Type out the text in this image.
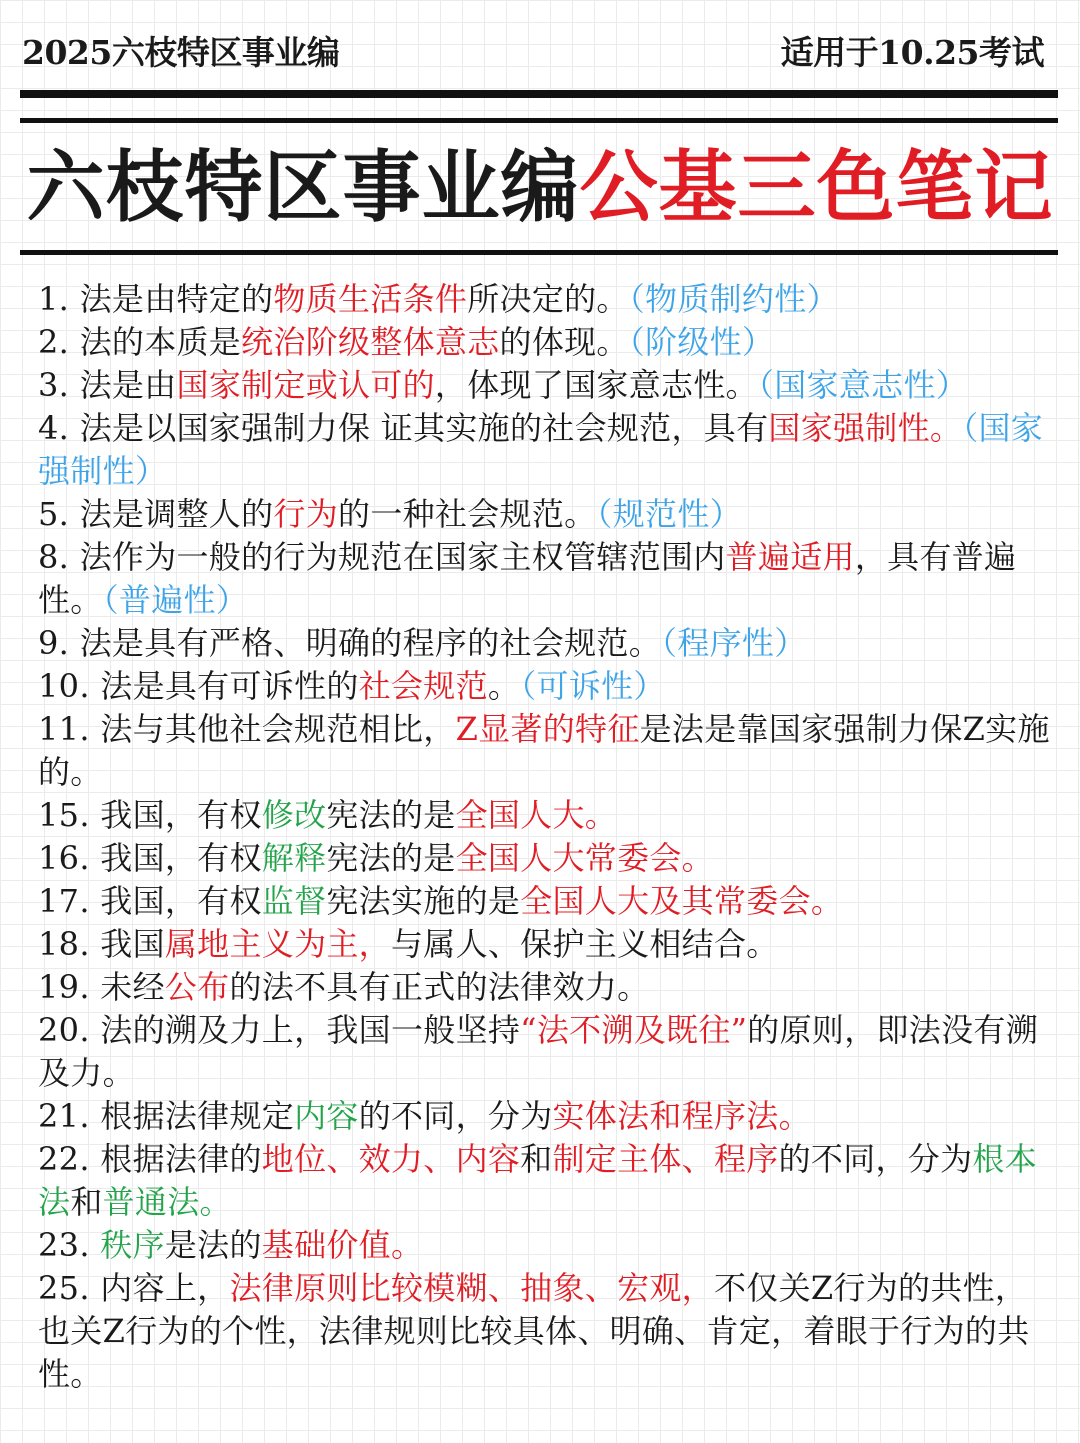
2025六枝特区事业编	适用于10.25考试
六枝特区事业编公基三色笔记

1. 法是由特定的物质生活条件所决定的。（物质制约性）

2. 法的本质是统治阶级整体意志的体现。（阶级性）

3. 法是由国家制定或认可的，体现了国家意志性。（国家意志性）

4. 法是以国家强制力保 证其实施的社会规范，具有国家强制性。（国家强制性）

5. 法是调整人的行为的一种社会规范。（规范性）

8. 法作为一般的行为规范在国家主权管辖范围内普遍适用，具有普遍性。（普遍性）

9. 法是具有严格、明确的程序的社会规范。（程序性）

10. 法是具有可诉性的社会规范。（可诉性）

11. 法与其他社会规范相比，Z显著的特征是法是靠国家强制力保Z实施的。

15. 我国，有权修改宪法的是全国人大。

16. 我国，有权解释宪法的是全国人大常委会。

17. 我国，有权监督宪法实施的是全国人大及其常委会。

18. 我国属地主义为主，与属人、保护主义相结合。

19. 未经公布的法不具有正式的法律效力。

20. 法的溯及力上，我国一般坚持“法不溯及既往”的原则，即法没有溯及力。

21. 根据法律规定内容的不同，分为实体法和程序法。

22. 根据法律的地位、效力、内容和制定主体、程序的不同，分为根本法和普通法。

23. 秩序是法的基础价值。

25. 内容上，法律原则比较模糊、抽象、宏观，不仅关Z行为的共性，也关Z行为的个性，法律规则比较具体、明确、肯定，着眼于行为的共性。
